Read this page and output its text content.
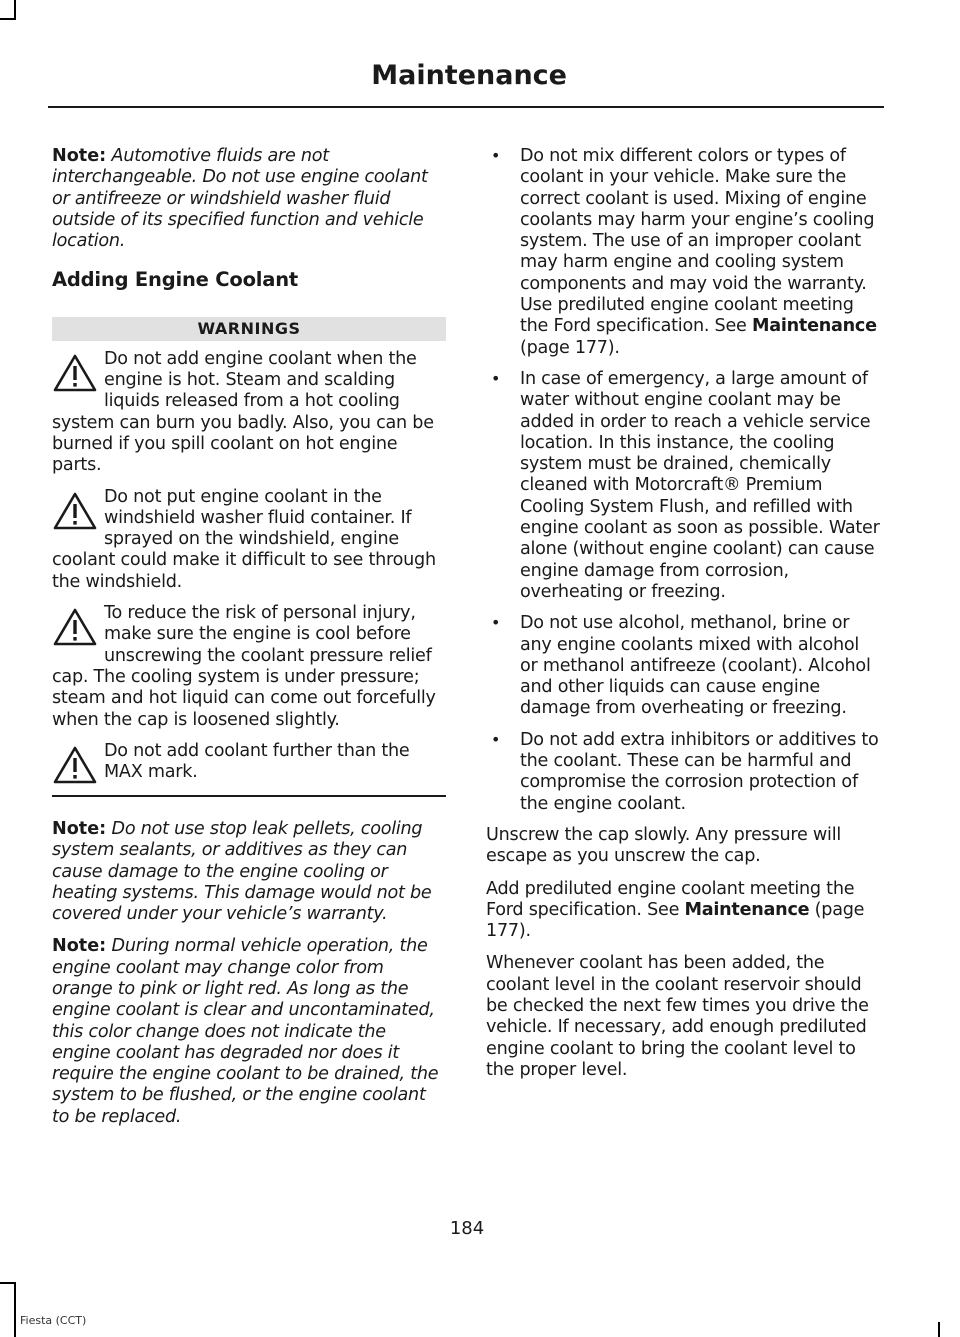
Maintenance

Note: Automotive fluids are not interchangeable. Do not use engine coolant or antifreeze or windshield washer fluid outside of its specified function and vehicle location.

Adding Engine Coolant

WARNINGS

Do not add engine coolant when the engine is hot. Steam and scalding liquids released from a hot cooling system can burn you badly. Also, you can be burned if you spill coolant on hot engine parts.

Do not put engine coolant in the windshield washer fluid container. If sprayed on the windshield, engine coolant could make it difficult to see through the windshield.

To reduce the risk of personal injury, make sure the engine is cool before unscrewing the coolant pressure relief cap. The cooling system is under pressure; steam and hot liquid can come out forcefully when the cap is loosened slightly.

Do not add coolant further than the MAX mark.

Note: Do not use stop leak pellets, cooling system sealants, or additives as they can cause damage to the engine cooling or heating systems. This damage would not be covered under your vehicle’s warranty.

Note: During normal vehicle operation, the engine coolant may change color from orange to pink or light red. As long as the engine coolant is clear and uncontaminated, this color change does not indicate the engine coolant has degraded nor does it require the engine coolant to be drained, the system to be flushed, or the engine coolant to be replaced.

• Do not mix different colors or types of coolant in your vehicle. Make sure the correct coolant is used. Mixing of engine coolants may harm your engine’s cooling system. The use of an improper coolant may harm engine and cooling system components and may void the warranty. Use prediluted engine coolant meeting the Ford specification. See Maintenance (page 177).

• In case of emergency, a large amount of water without engine coolant may be added in order to reach a vehicle service location. In this instance, the cooling system must be drained, chemically cleaned with Motorcraft® Premium Cooling System Flush, and refilled with engine coolant as soon as possible. Water alone (without engine coolant) can cause engine damage from corrosion, overheating or freezing.

• Do not use alcohol, methanol, brine or any engine coolants mixed with alcohol or methanol antifreeze (coolant). Alcohol and other liquids can cause engine damage from overheating or freezing.

• Do not add extra inhibitors or additives to the coolant. These can be harmful and compromise the corrosion protection of the engine coolant.

Unscrew the cap slowly. Any pressure will escape as you unscrew the cap.

Add prediluted engine coolant meeting the Ford specification. See Maintenance (page 177).

Whenever coolant has been added, the coolant level in the coolant reservoir should be checked the next few times you drive the vehicle. If necessary, add enough prediluted engine coolant to bring the coolant level to the proper level.

184
Fiesta (CCT)
